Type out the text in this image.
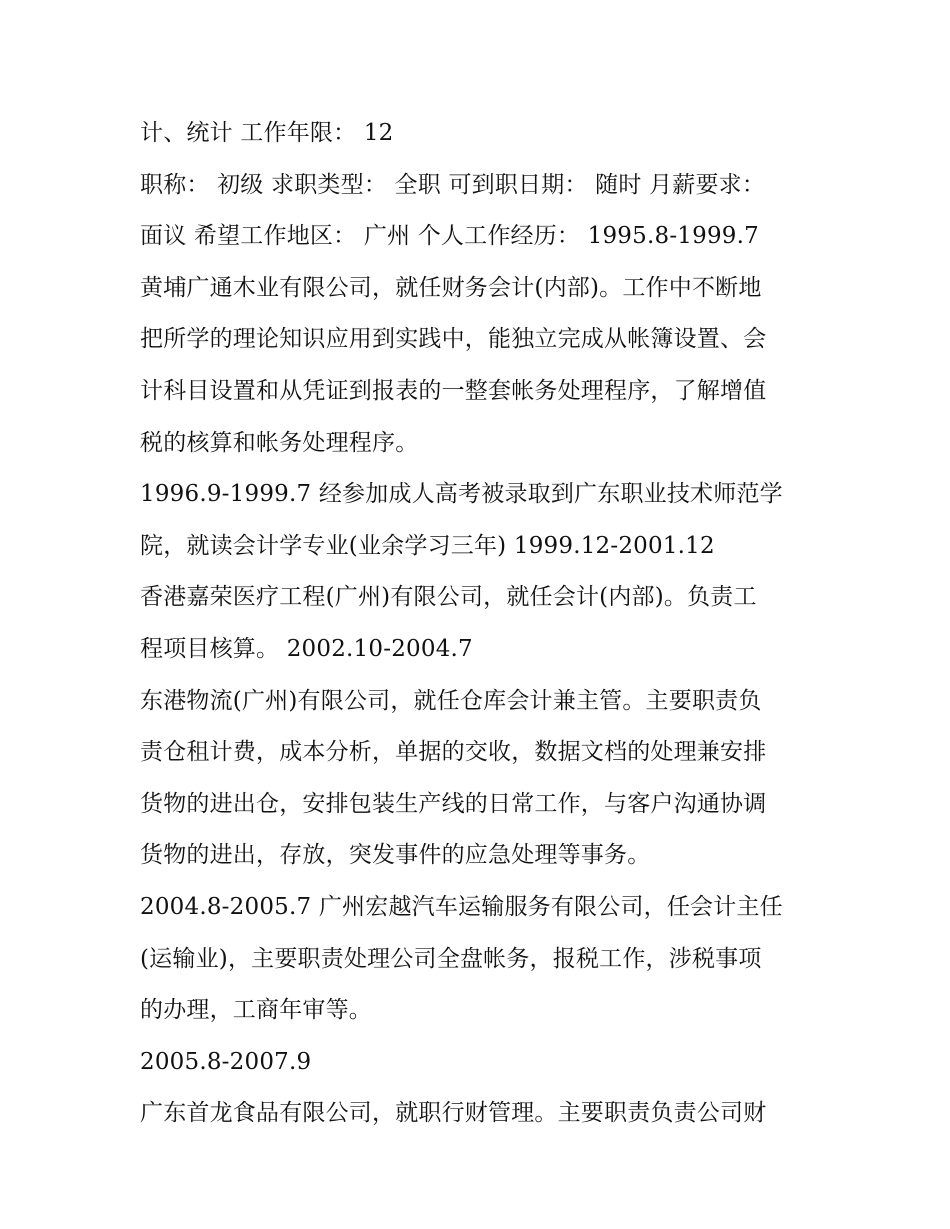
计、统计 工作年限： 12
职称： 初级 求职类型： 全职 可到职日期： 随时 月薪要求：
面议 希望工作地区： 广州 个人工作经历： 1995.8-1999.7
黄埔广通木业有限公司，就任财务会计(内部)。工作中不断地
把所学的理论知识应用到实践中，能独立完成从帐簿设置、会
计科目设置和从凭证到报表的一整套帐务处理程序，了解增值
税的核算和帐务处理程序。
1996.9-1999.7 经参加成人高考被录取到广东职业技术师范学
院，就读会计学专业(业余学习三年) 1999.12-2001.12
香港嘉荣医疗工程(广州)有限公司，就任会计(内部)。负责工
程项目核算。 2002.10-2004.7
东港物流(广州)有限公司，就任仓库会计兼主管。主要职责负
责仓租计费，成本分析，单据的交收，数据文档的处理兼安排
货物的进出仓，安排包装生产线的日常工作，与客户沟通协调
货物的进出，存放，突发事件的应急处理等事务。
2004.8-2005.7 广州宏越汽车运输服务有限公司，任会计主任
(运输业)，主要职责处理公司全盘帐务，报税工作，涉税事项
的办理，工商年审等。
2005.8-2007.9
广东首龙食品有限公司，就职行财管理。主要职责负责公司财
